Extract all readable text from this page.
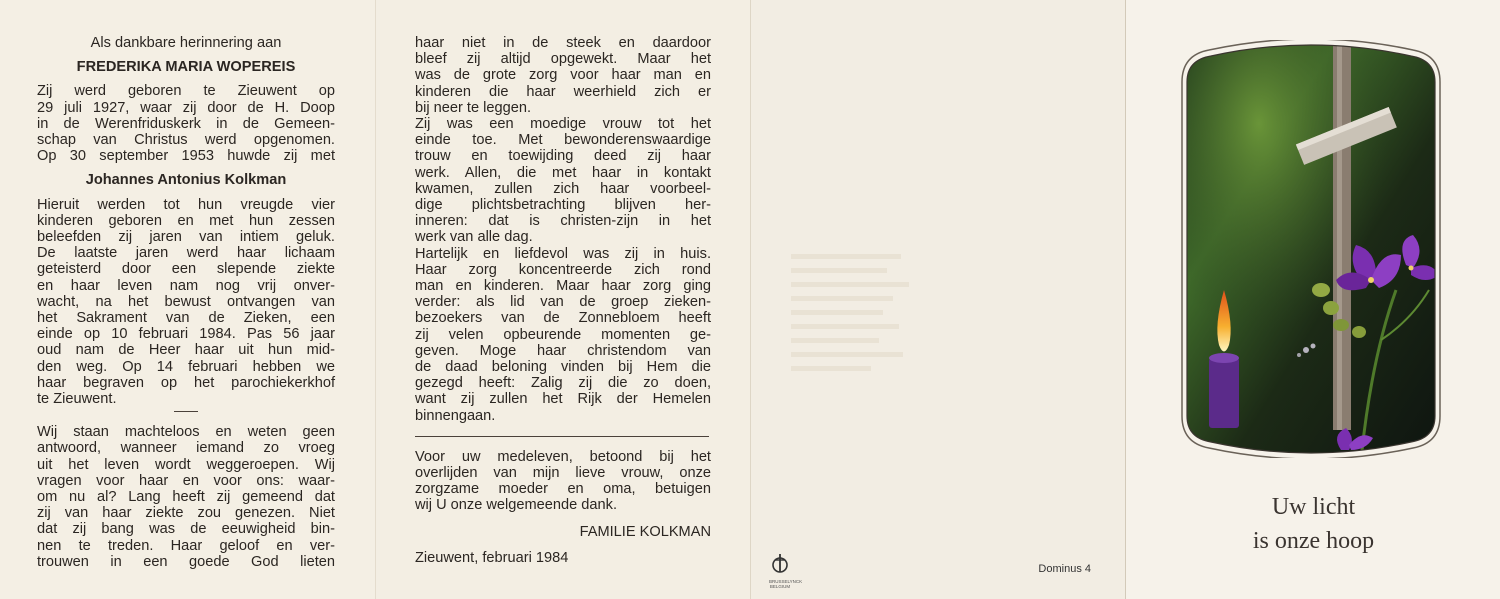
Als dankbare herinnering aan
FREDERIKA MARIA WOPEREIS
Zij werd geboren te Zieuwent op
29 juli 1927, waar zij door de H. Doop
in de Werenfriduskerk in de Gemeen-
schap van Christus werd opgenomen.
Op 30 september 1953 huwde zij met
Johannes Antonius Kolkman
Hieruit werden tot hun vreugde vier
kinderen geboren en met hun zessen
beleefden zij jaren van intiem geluk.
De laatste jaren werd haar lichaam
geteisterd door een slepende ziekte
en haar leven nam nog vrij onver-
wacht, na het bewust ontvangen van
het Sakrament van de Zieken, een
einde op 10 februari 1984. Pas 56 jaar
oud nam de Heer haar uit hun mid-
den weg. Op 14 februari hebben we
haar begraven op het parochiekerkhof
te Zieuwent.
Wij staan machteloos en weten geen
antwoord, wanneer iemand zo vroeg
uit het leven wordt weggeroepen. Wij
vragen voor haar en voor ons: waar-
om nu al? Lang heeft zij gemeend dat
zij van haar ziekte zou genezen. Niet
dat zij bang was de eeuwigheid bin-
nen te treden. Haar geloof en ver-
trouwen in een goede God lieten
haar niet in de steek en daardoor
bleef zij altijd opgewekt. Maar het
was de grote zorg voor haar man en
kinderen die haar weerhield zich er
bij neer te leggen.
Zij was een moedige vrouw tot het
einde toe. Met bewonderenswaardige
trouw en toewijding deed zij haar
werk. Allen, die met haar in kontakt
kwamen, zullen zich haar voorbeel-
dige plichtsbetrachting blijven her-
inneren: dat is christen-zijn in het
werk van alle dag.
Hartelijk en liefdevol was zij in huis.
Haar zorg koncentreerde zich rond
man en kinderen. Maar haar zorg ging
verder: als lid van de groep zieken-
bezoekers van de Zonnebloem heeft
zij velen opbeurende momenten ge-
geven. Moge haar christendom van
de daad beloning vinden bij Hem die
gezegd heeft: Zalig zij die zo doen,
want zij zullen het Rijk der Hemelen
binnengaan.
Voor uw medeleven, betoond bij het
overlijden van mijn lieve vrouw, onze
zorgzame moeder en oma, betuigen
wij U onze welgemeende dank.
FAMILIE KOLKMAN
Zieuwent, februari 1984
BRUSSELYNCK BELGIUM
Dominus 4
Uw licht
is onze hoop
